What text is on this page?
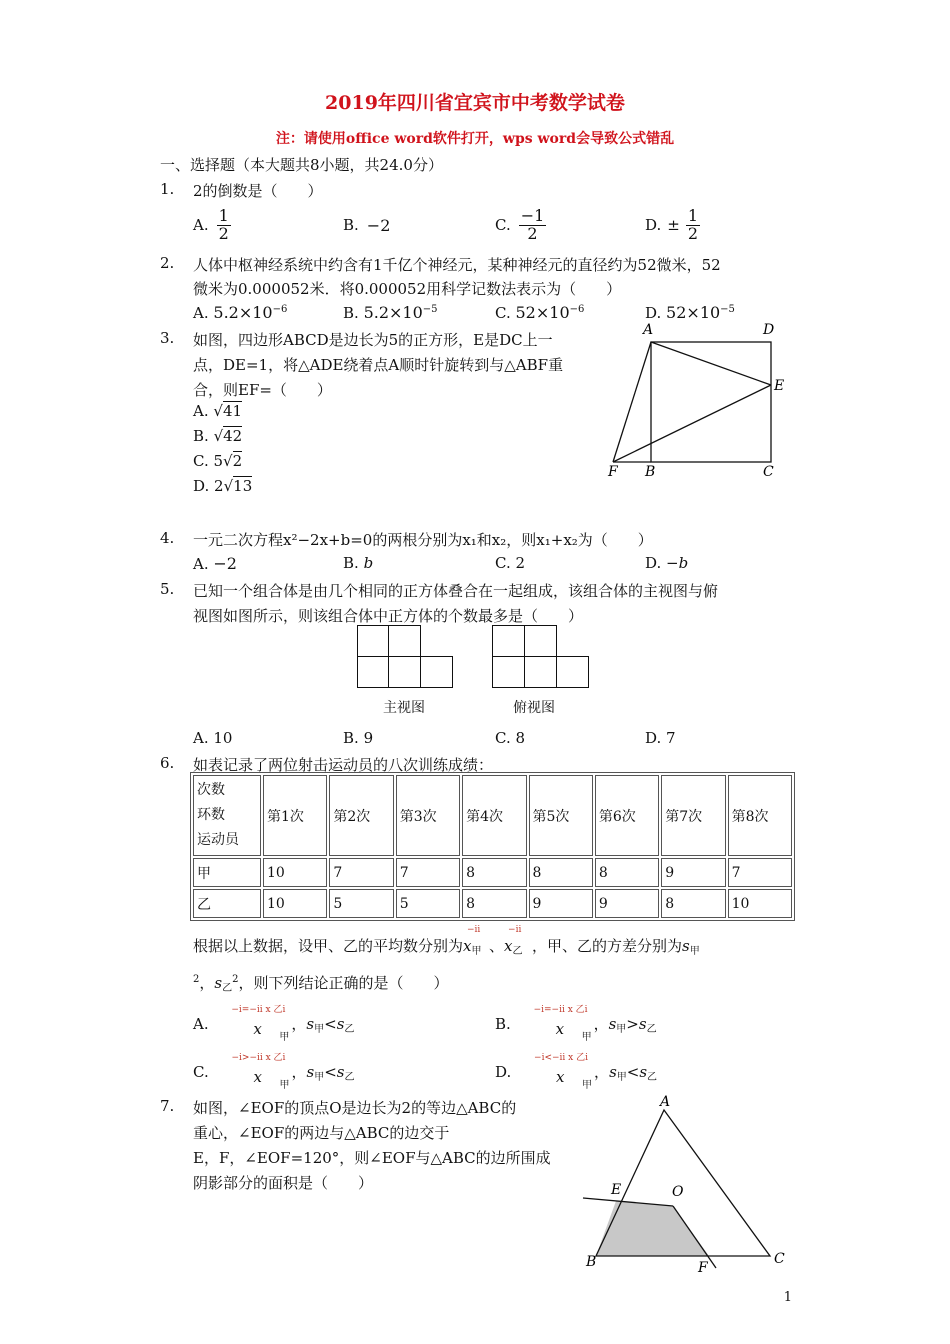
2019年四川省宜宾市中考数学试卷
注：请使用office word软件打开，wps word会导致公式错乱
一、选择题（本大题共8小题，共24.0分）
1. 2的倒数是（　　）
A. $\frac{1}{2}$	B. −2	C. $\frac{-1}{2}$	D. ± $\frac{1}{2}$
2. 人体中枢神经系统中约含有1千亿个神经元，某种神经元的直径约为52微米，52
微米为0.000052米．将0.000052用科学记数法表示为（　　）
A. $5.2\times 10^{-6}$	B. $5.2\times 10^{-5}$	C. $52\times 10^{-6}$	D. $52\times 10^{-5}$
3. 如图，四边形ABCD是边长为5的正方形，E是DC上一
点，DE=1，将△ADE绕着点A顺时针旋转到与△ABF重
合，则EF=（　　）
A. √41
B. √42
C. 5√2
D. 2√13
A	D
E
F B	C
4. 一元二次方程x²−2x+b=0的两根分别为x₁和x₂，则x₁+x₂为（　　）
A. −2	B. b	C. 2	D. −b
5. 已知一个组合体是由几个相同的正方体叠合在一起组成，该组合体的主视图与俯
视图如图所示，则该组合体中正方体的个数最多是（　　）
主视图	俯视图
A. 10	B. 9	C. 8	D. 7
6. 如表记录了两位射击运动员的八次训练成绩：
次数
环数
运动员	第1次	第2次	第3次	第4次	第5次	第6次	第7次	第8次
甲	10	7	7	8	8	8	9	7
乙	10	5	5	8	9	9	8	10
根据以上数据，设甲、乙的平均数分别为
−ii
$x_甲$ 、
−ii
$x_乙$ ，甲、乙的方差分别为$s_甲$
$^2$，$s_乙^2$，则下列结论正确的是（　　）
A.
−i=−ii x 乙i
x 甲
，$s_甲<s_乙$	B.
−i=−ii x 乙i
x 甲
，$s_甲>s_乙$
C.
−i>−ii x 乙i
x 甲
，$s_甲<s_乙$	D.
−i<−ii x 乙i
x 甲
，$s_甲<s_乙$
7. 如图，∠EOF的顶点O是边长为2的等边△ABC的
重心，∠EOF的两边与△ABC的边交于
E，F，∠EOF=120°，则∠EOF与△ABC的边所围成
阴影部分的面积是（　　）
A
B	C
E	O
F
1
